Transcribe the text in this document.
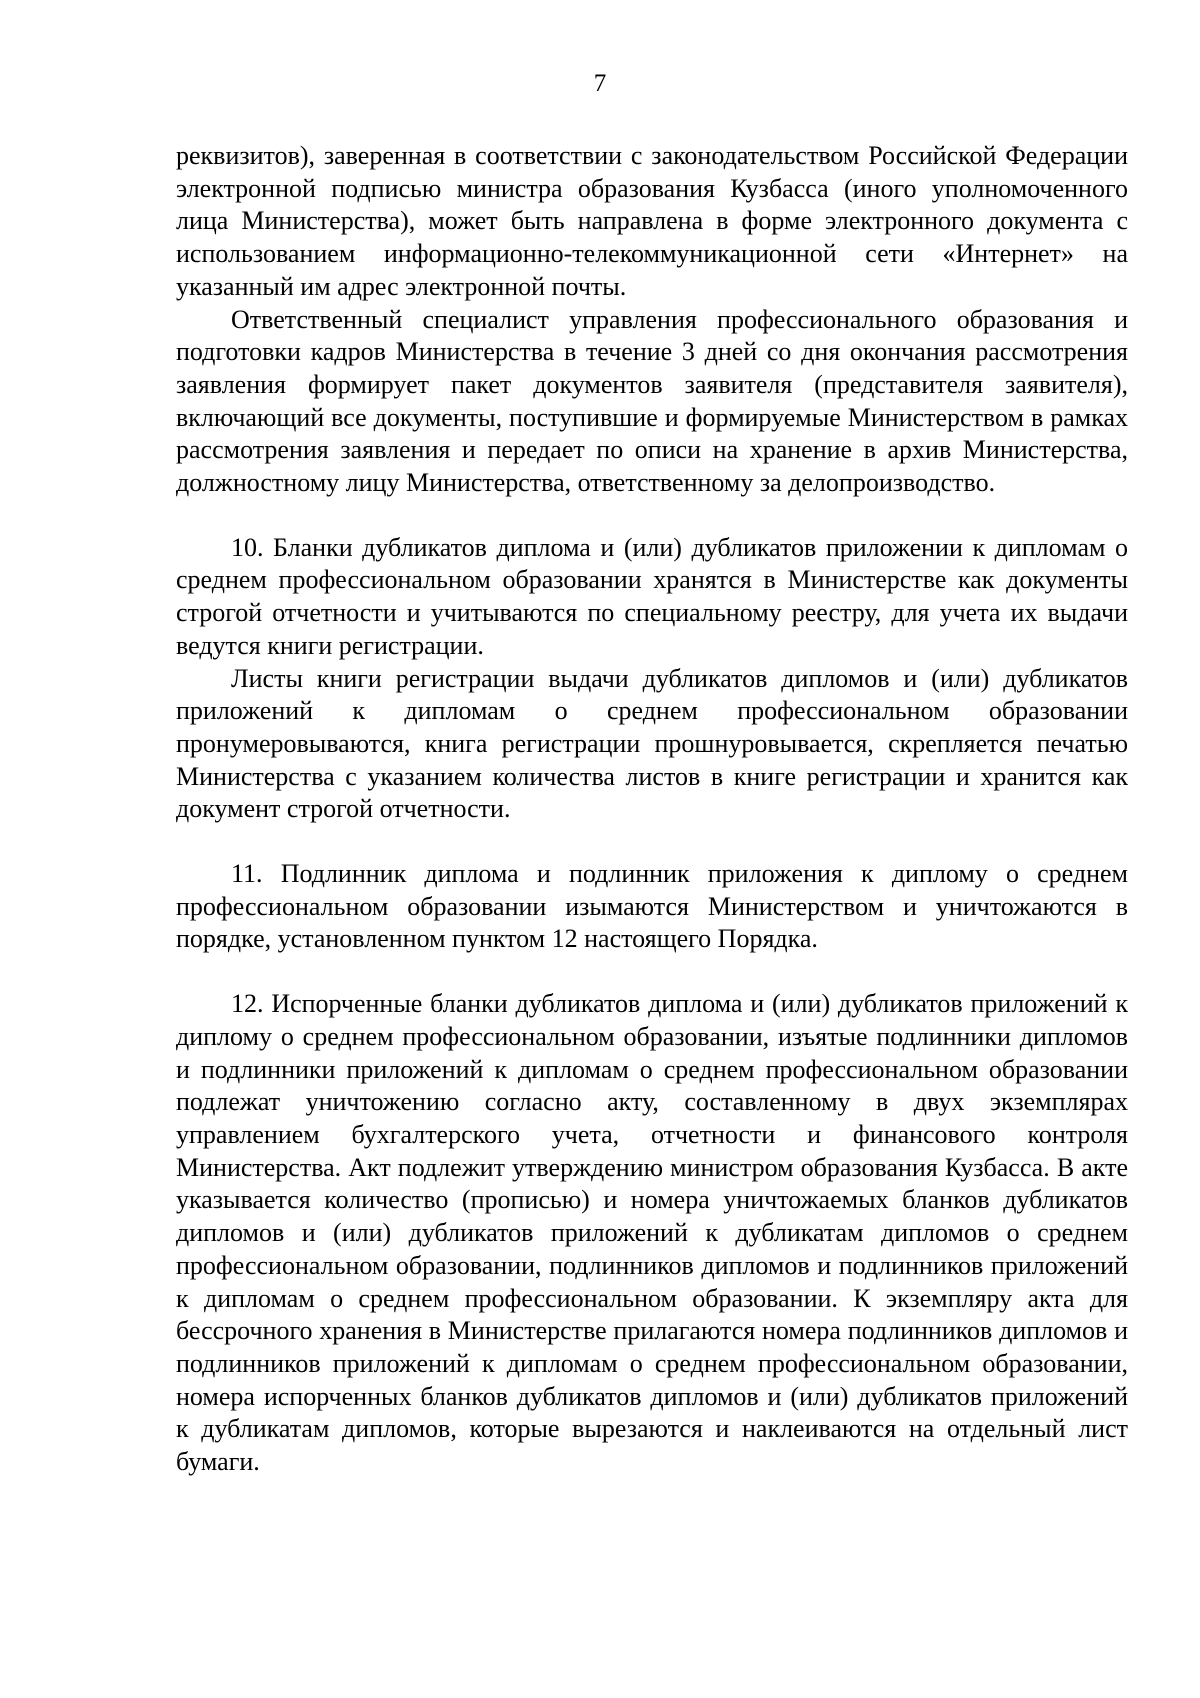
7

реквизитов), заверенная в соответствии с законодательством Российской Федерации электронной подписью министра образования Кузбасса (иного уполномоченного лица Министерства), может быть направлена в форме электронного документа с использованием информационно-телекоммуникационной сети «Интернет» на указанный им адрес электронной почты.

Ответственный специалист управления профессионального образования и подготовки кадров Министерства в течение 3 дней со дня окончания рассмотрения заявления формирует пакет документов заявителя (представителя заявителя), включающий все документы, поступившие и формируемые Министерством в рамках рассмотрения заявления и передает по описи на хранение в архив Министерства, должностному лицу Министерства, ответственному за делопроизводство.

10. Бланки дубликатов диплома и (или) дубликатов приложении к дипломам о среднем профессиональном образовании хранятся в Министерстве как документы строгой отчетности и учитываются по специальному реестру, для учета их выдачи ведутся книги регистрации.

Листы книги регистрации выдачи дубликатов дипломов и (или) дубликатов приложений к дипломам о среднем профессиональном образовании пронумеровываются, книга регистрации прошнуровывается, скрепляется печатью Министерства с указанием количества листов в книге регистрации и хранится как документ строгой отчетности.

11. Подлинник диплома и подлинник приложения к диплому о среднем профессиональном образовании изымаются Министерством и уничтожаются в порядке, установленном пунктом 12 настоящего Порядка.

12. Испорченные бланки дубликатов диплома и (или) дубликатов приложений к диплому о среднем профессиональном образовании, изъятые подлинники дипломов и подлинники приложений к дипломам о среднем профессиональном образовании подлежат уничтожению согласно акту, составленному в двух экземплярах управлением бухгалтерского учета, отчетности и финансового контроля Министерства. Акт подлежит утверждению министром образования Кузбасса. В акте указывается количество (прописью) и номера уничтожаемых бланков дубликатов дипломов и (или) дубликатов приложений к дубликатам дипломов о среднем профессиональном образовании, подлинников дипломов и подлинников приложений к дипломам о среднем профессиональном образовании. К экземпляру акта для бессрочного хранения в Министерстве прилагаются номера подлинников дипломов и подлинников приложений к дипломам о среднем профессиональном образовании, номера испорченных бланков дубликатов дипломов и (или) дубликатов приложений к дубликатам дипломов, которые вырезаются и наклеиваются на отдельный лист бумаги.
